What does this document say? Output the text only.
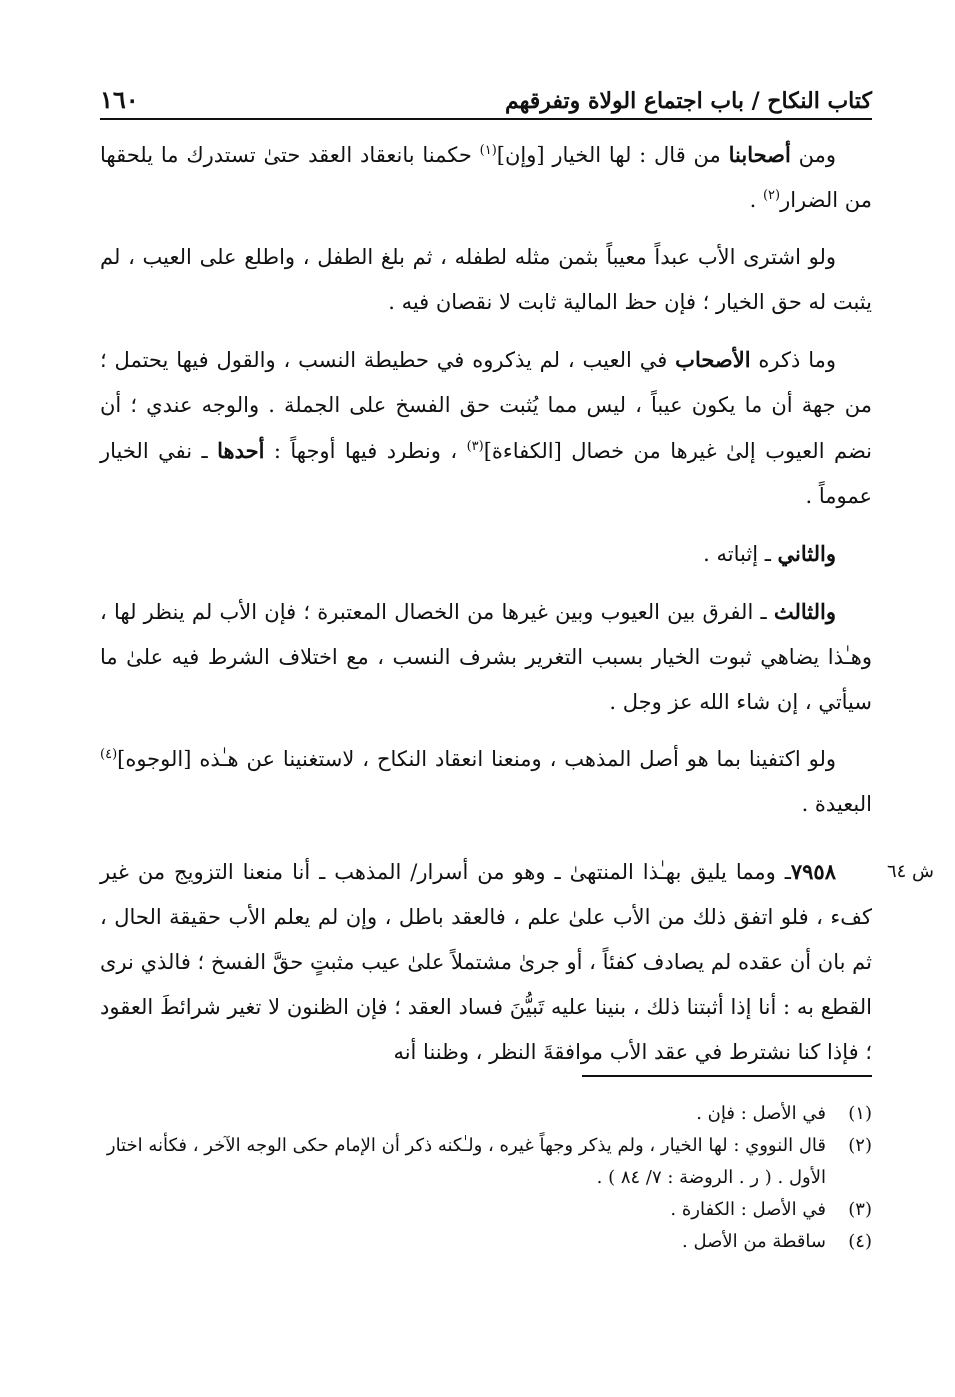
كتاب النكاح / باب اجتماع الولاة وتفرقهم
١٦٠

ومن أصحابنا من قال : لها الخيار [وإن]$^{(١)}$ حكمنا بانعقاد العقد حتىٰ تستدرك ما يلحقها من الضرار$^{(٢)}$ .

ولو اشترى الأب عبداً معيباً بثمن مثله لطفله ، ثم بلغ الطفل ، واطلع على العيب ، لم يثبت له حق الخيار ؛ فإن حظ المالية ثابت لا نقصان فيه .

وما ذكره الأصحاب في العيب ، لم يذكروه في حطيطة النسب ، والقول فيها يحتمل ؛ من جهة أن ما يكون عيباً ، ليس مما يُثبت حق الفسخ على الجملة . والوجه عندي ؛ أن نضم العيوب إلىٰ غيرها من خصال [الكفاءة]$^{(٣)}$ ، ونطرد فيها أوجهاً : أحدها ـ نفي الخيار عموماً .

والثاني ـ إثباته .

والثالث ـ الفرق بين العيوب وبين غيرها من الخصال المعتبرة ؛ فإن الأب لم ينظر لها ، وهـٰذا يضاهي ثبوت الخيار بسبب التغرير بشرف النسب ، مع اختلاف الشرط فيه علىٰ ما سيأتي ، إن شاء الله عز وجل .

ولو اكتفينا بما هو أصل المذهب ، ومنعنا انعقاد النكاح ، لاستغنينا عن هـٰذه [الوجوه]$^{(٤)}$ البعيدة .

ش ٦٤
٧٩٥٨ـ ومما يليق بهـٰذا المنتهىٰ ـ وهو من أسرار/ المذهب ـ أنا منعنا التزويج من غير كفء ، فلو اتفق ذلك من الأب علىٰ علم ، فالعقد باطل ، وإن لم يعلم الأب حقيقة الحال ، ثم بان أن عقده لم يصادف كفئاً ، أو جرىٰ مشتملاً علىٰ عيب مثبتٍ حقَّ الفسخ ؛ فالذي نرى القطع به : أنا إذا أثبتنا ذلك ، بنينا عليه تَبيُّنَ فساد العقد ؛ فإن الظنون لا تغير شرائطَ العقود ؛ فإذا كنا نشترط في عقد الأب موافقةَ النظر ، وظننا أنه

(١)
في الأصل : فإن .
(٢)
قال النووي : لها الخيار ، ولم يذكر وجهاً غيره ، ولـٰكنه ذكر أن الإمام حكى الوجه الآخر ، فكأنه اختار الأول . ( ر . الروضة : ٧/ ٨٤ ) .
(٣)
في الأصل : الكفارة .
(٤)
ساقطة من الأصل .
